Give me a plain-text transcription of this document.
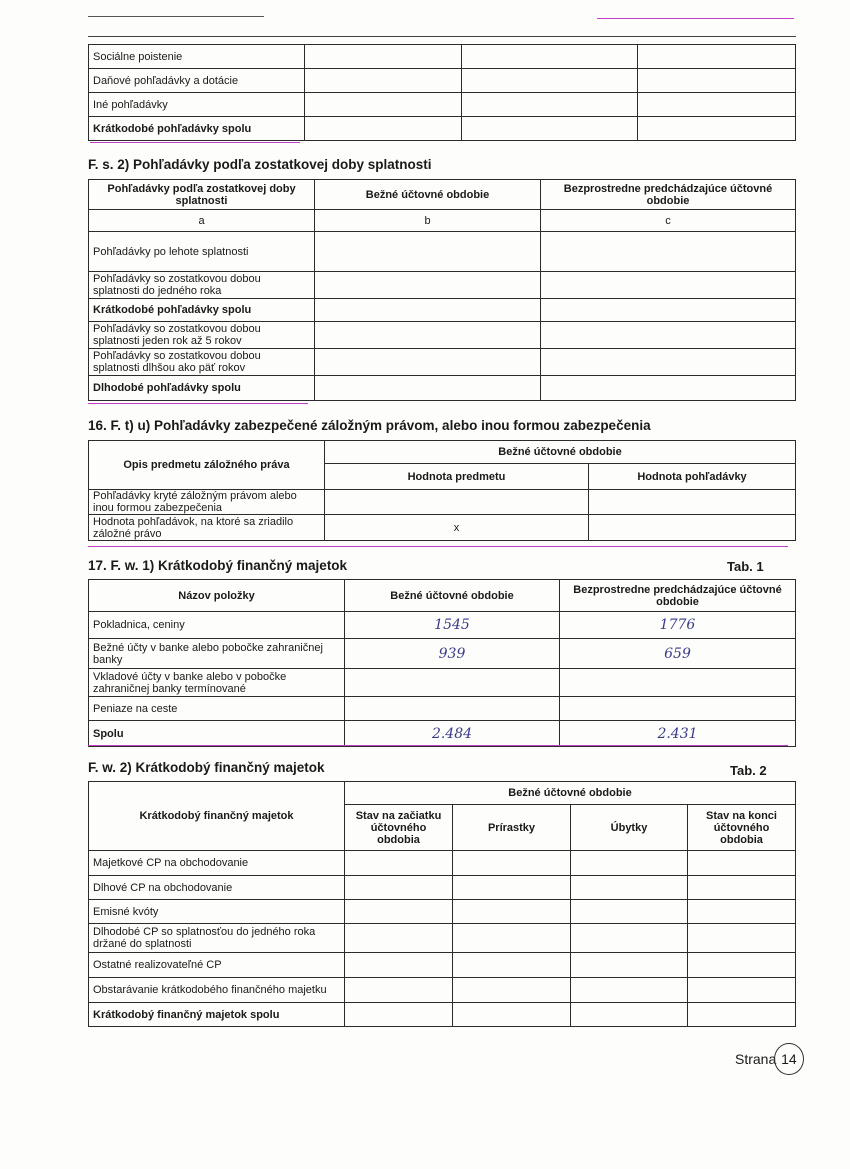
Sociálne poistenie			
Daňové pohľadávky a dotácie			
Iné pohľadávky			
Krátkodobé pohľadávky spolu			
F. s. 2) Pohľadávky podľa zostatkovej doby splatnosti
Pohľadávky podľa zostatkovej doby splatnosti	Bežné účtovné obdobie	Bezprostredne predchádzajúce účtovné obdobie
a	b	c
Pohľadávky po lehote splatnosti		
Pohľadávky so zostatkovou dobou splatnosti do jedného roka		
Krátkodobé pohľadávky spolu		
Pohľadávky so zostatkovou dobou splatnosti jeden rok až 5 rokov		
Pohľadávky so zostatkovou dobou splatnosti dlhšou ako päť rokov		
Dlhodobé pohľadávky spolu		
16. F. t) u) Pohľadávky zabezpečené záložným právom, alebo inou formou zabezpečenia
Opis predmetu záložného práva	Bežné účtovné obdobie	
	Hodnota predmetu	Hodnota pohľadávky
Pohľadávky kryté záložným právom alebo inou formou zabezpečenia		
Hodnota pohľadávok, na ktoré sa zriadilo záložné právo	x	
17. F. w. 1) Krátkodobý finančný majetok	Tab. 1
Názov položky	Bežné účtovné obdobie	Bezprostredne predchádzajúce účtovné obdobie
Pokladnica, ceniny	1545	1776
Bežné účty v banke alebo pobočke zahraničnej banky	939	659
Vkladové účty v banke alebo v pobočke zahraničnej banky termínované		
Peniaze na ceste		
Spolu	2.484	2.431
F. w. 2) Krátkodobý finančný majetok	Tab. 2
Krátkodobý finančný majetok	Bežné účtovné obdobie			
	Stav na začiatku účtovného obdobia	Prírastky	Úbytky	Stav na konci účtovného obdobia
Majetkové CP na obchodovanie				
Dlhové CP na obchodovanie				
Emisné kvóty				
Dlhodobé CP so splatnosťou do jedného roka držané do splatnosti				
Ostatné realizovateľné CP				
Obstarávanie krátkodobého finančného majetku				
Krátkodobý finančný majetok spolu				
Strana 14
